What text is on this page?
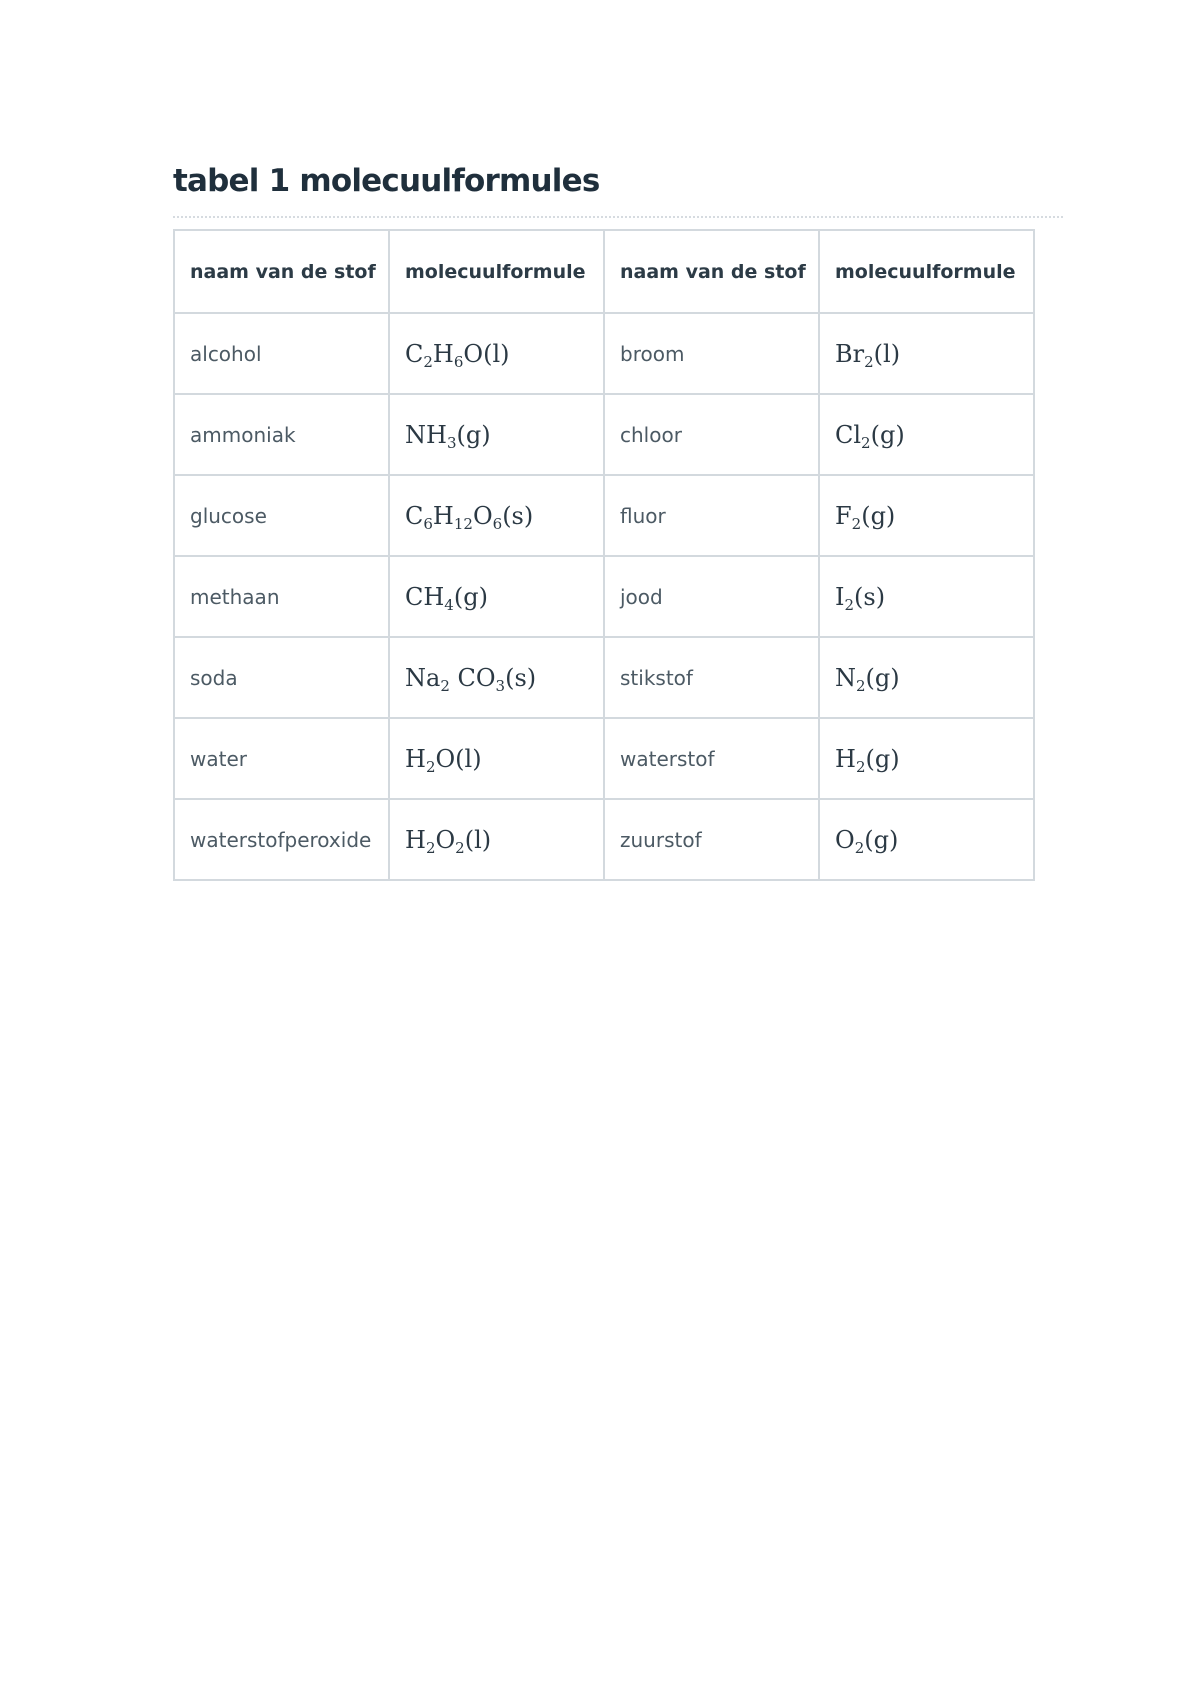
tabel 1 molecuulformules
naam van de stof	molecuulformule	naam van de stof	molecuulformule
alcohol	$C_2H_6O(l)$	broom	$Br_2(l)$
ammoniak	$NH_3(g)$	chloor	$Cl_2(g)$
glucose	$C_6H_{12}O_6(s)$	fluor	$F_2(g)$
methaan	$CH_4(g)$	jood	$I_2(s)$
soda	$Na_2$ $CO_3(s)$	stikstof	$N_2(g)$
water	$H_2O(l)$	waterstof	$H_2(g)$
waterstofperoxide	$H_2O_2(l)$	zuurstof	$O_2(g)$
